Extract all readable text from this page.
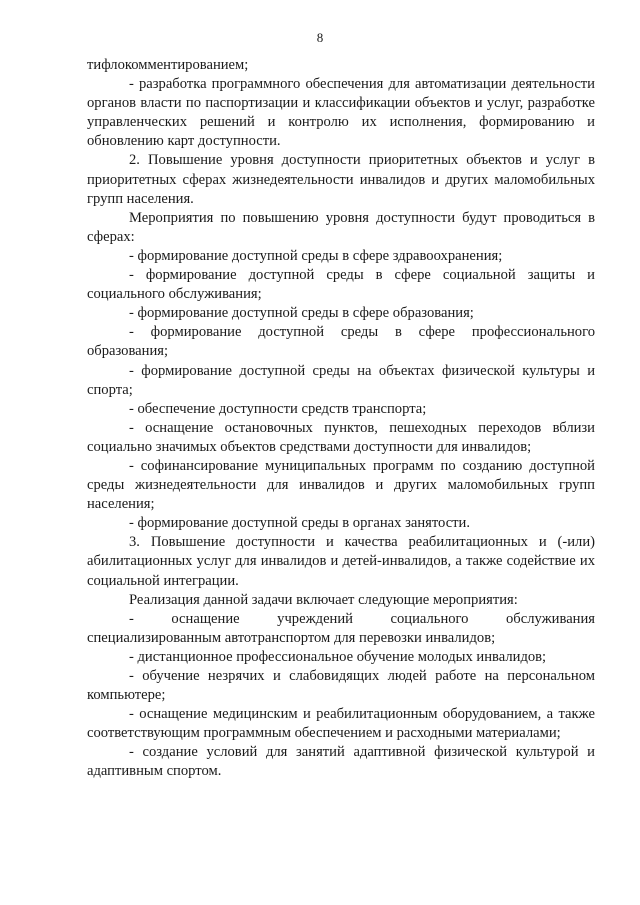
8

тифлокомментированием;

- разработка программного обеспечения для автоматизации деятельности органов власти по паспортизации и классификации объектов и услуг, разработке управленческих решений и контролю их исполнения, формированию и обновлению карт доступности.

2. Повышение уровня доступности приоритетных объектов и услуг в приоритетных сферах жизнедеятельности инвалидов и других маломобильных групп населения.

Мероприятия по повышению уровня доступности будут проводиться в сферах:

- формирование доступной среды в сфере здравоохранения;

- формирование доступной среды в сфере социальной защиты и социального обслуживания;

- формирование доступной среды в сфере образования;

- формирование доступной среды в сфере профессионального образования;

- формирование доступной среды на объектах физической культуры и спорта;

- обеспечение доступности средств транспорта;

- оснащение остановочных пунктов, пешеходных переходов вблизи социально значимых объектов средствами доступности для инвалидов;

- софинансирование муниципальных программ по созданию доступной среды жизнедеятельности для инвалидов и других маломобильных групп населения;

- формирование доступной среды в органах занятости.

3. Повышение доступности и качества реабилитационных и (-или) абилитационных услуг для инвалидов и детей-инвалидов, а также содействие их социальной интеграции.

Реализация данной задачи включает следующие мероприятия:

- оснащение учреждений социального обслуживания специализированным автотранспортом для перевозки инвалидов;

- дистанционное профессиональное обучение молодых инвалидов;

- обучение незрячих и слабовидящих людей работе на персональном компьютере;

- оснащение медицинским и реабилитационным оборудованием, а также соответствующим программным обеспечением и расходными материалами;

- создание условий для занятий адаптивной физической культурой и адаптивным спортом.
